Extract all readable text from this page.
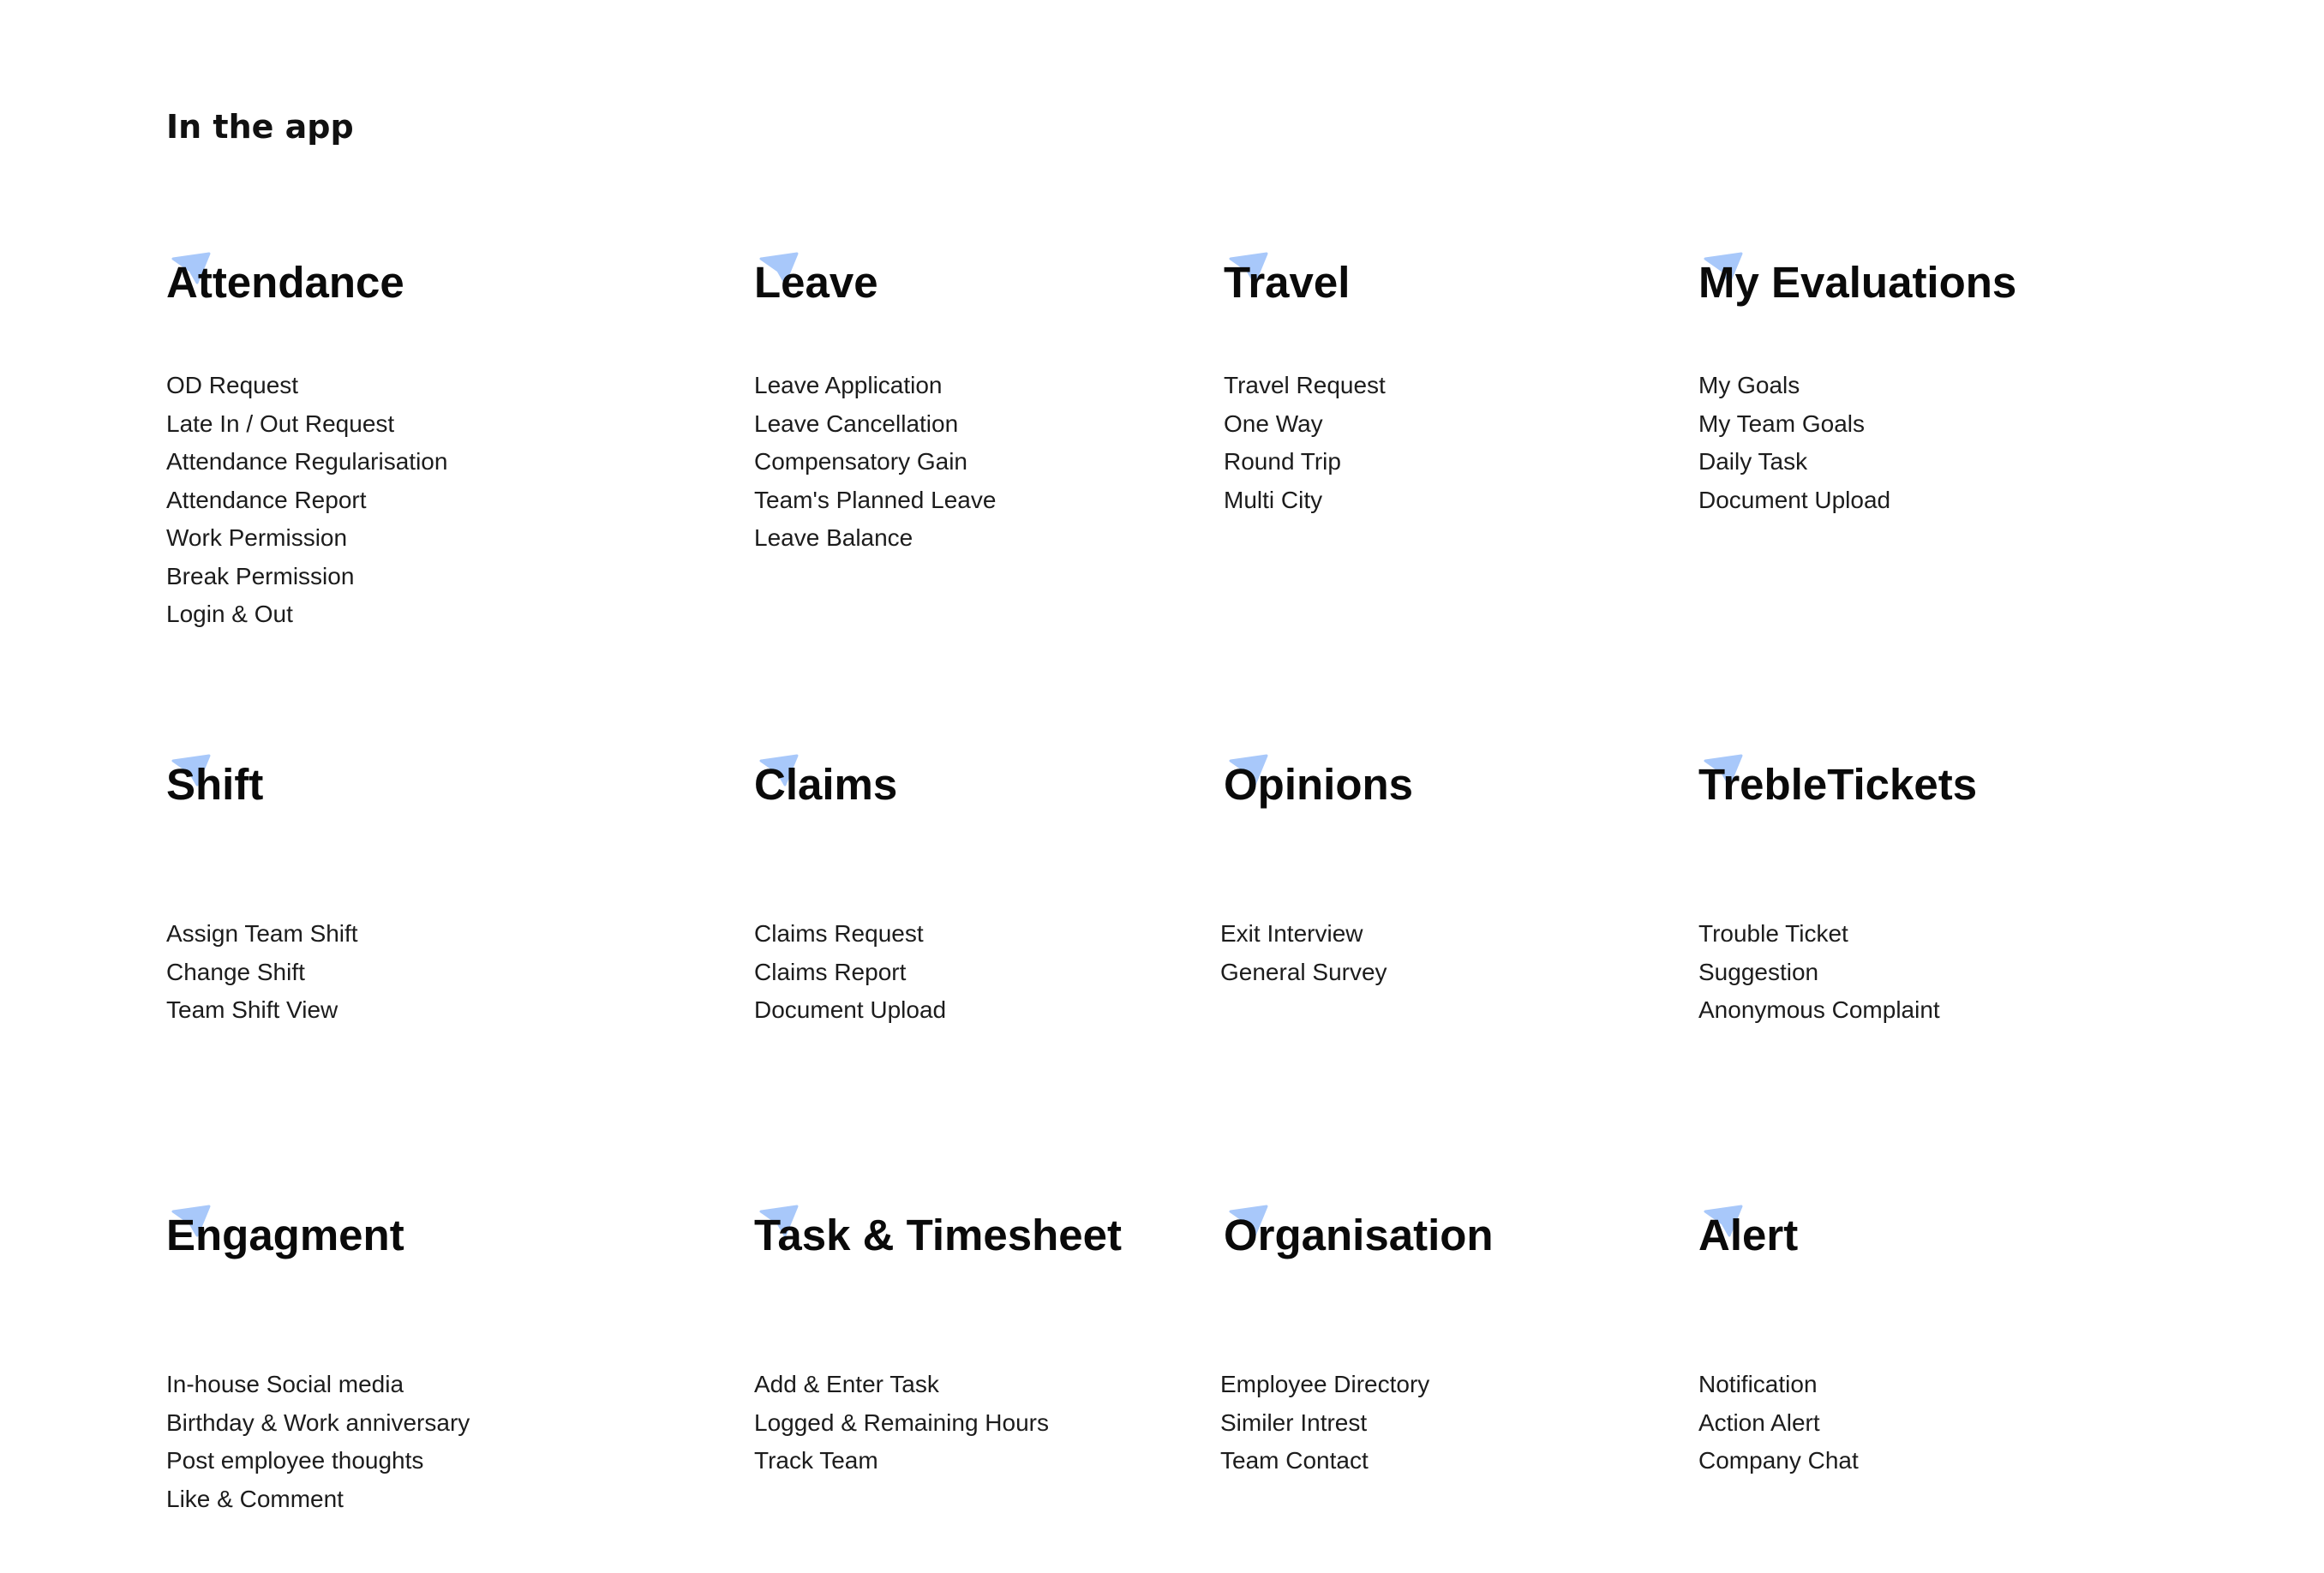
In the app
Attendance
OD Request
Late In / Out Request
Attendance Regularisation
Attendance Report
Work Permission
Break Permission
Login & Out
Leave
Leave Application
Leave Cancellation
Compensatory Gain
Team's Planned Leave
Leave Balance
Travel
Travel Request
One Way
Round Trip
Multi City
My Evaluations
My Goals
My Team Goals
Daily Task
Document Upload
Shift
Assign Team Shift
Change Shift
Team Shift View
Claims
Claims Request
Claims Report
Document Upload
Opinions
Exit Interview
General Survey
TrebleTickets
Trouble Ticket
Suggestion
Anonymous Complaint
Engagment
In-house Social media
Birthday & Work anniversary
Post employee thoughts
Like & Comment
Task & Timesheet
Add & Enter Task
Logged & Remaining Hours
Track Team
Organisation
Employee Directory
Similer Intrest
Team Contact
Alert
Notification
Action Alert
Company Chat
